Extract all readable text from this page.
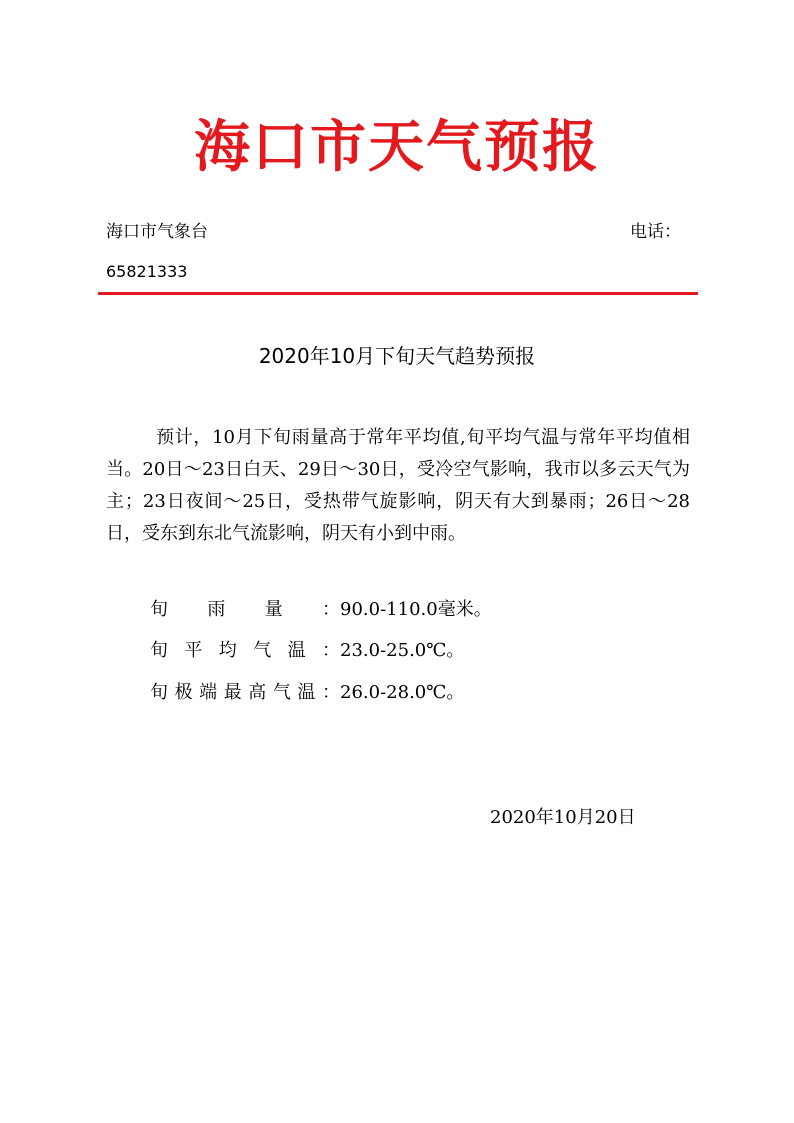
海口市天气预报
海口市气象台	电话：
65821333
2020年10月下旬天气趋势预报

预计，10月下旬雨量高于常年平均值,旬平均气温与常年平均值相当。20日～23日白天、29日～30日，受冷空气影响，我市以多云天气为主；23日夜间～25日，受热带气旋影响，阴天有大到暴雨；26日～28日，受东到东北气流影响，阴天有小到中雨。

旬雨量：90.0-110.0毫米。
旬平均气温：23.0-25.0℃。
旬极端最高气温：26.0-28.0℃。
2020年10月20日
